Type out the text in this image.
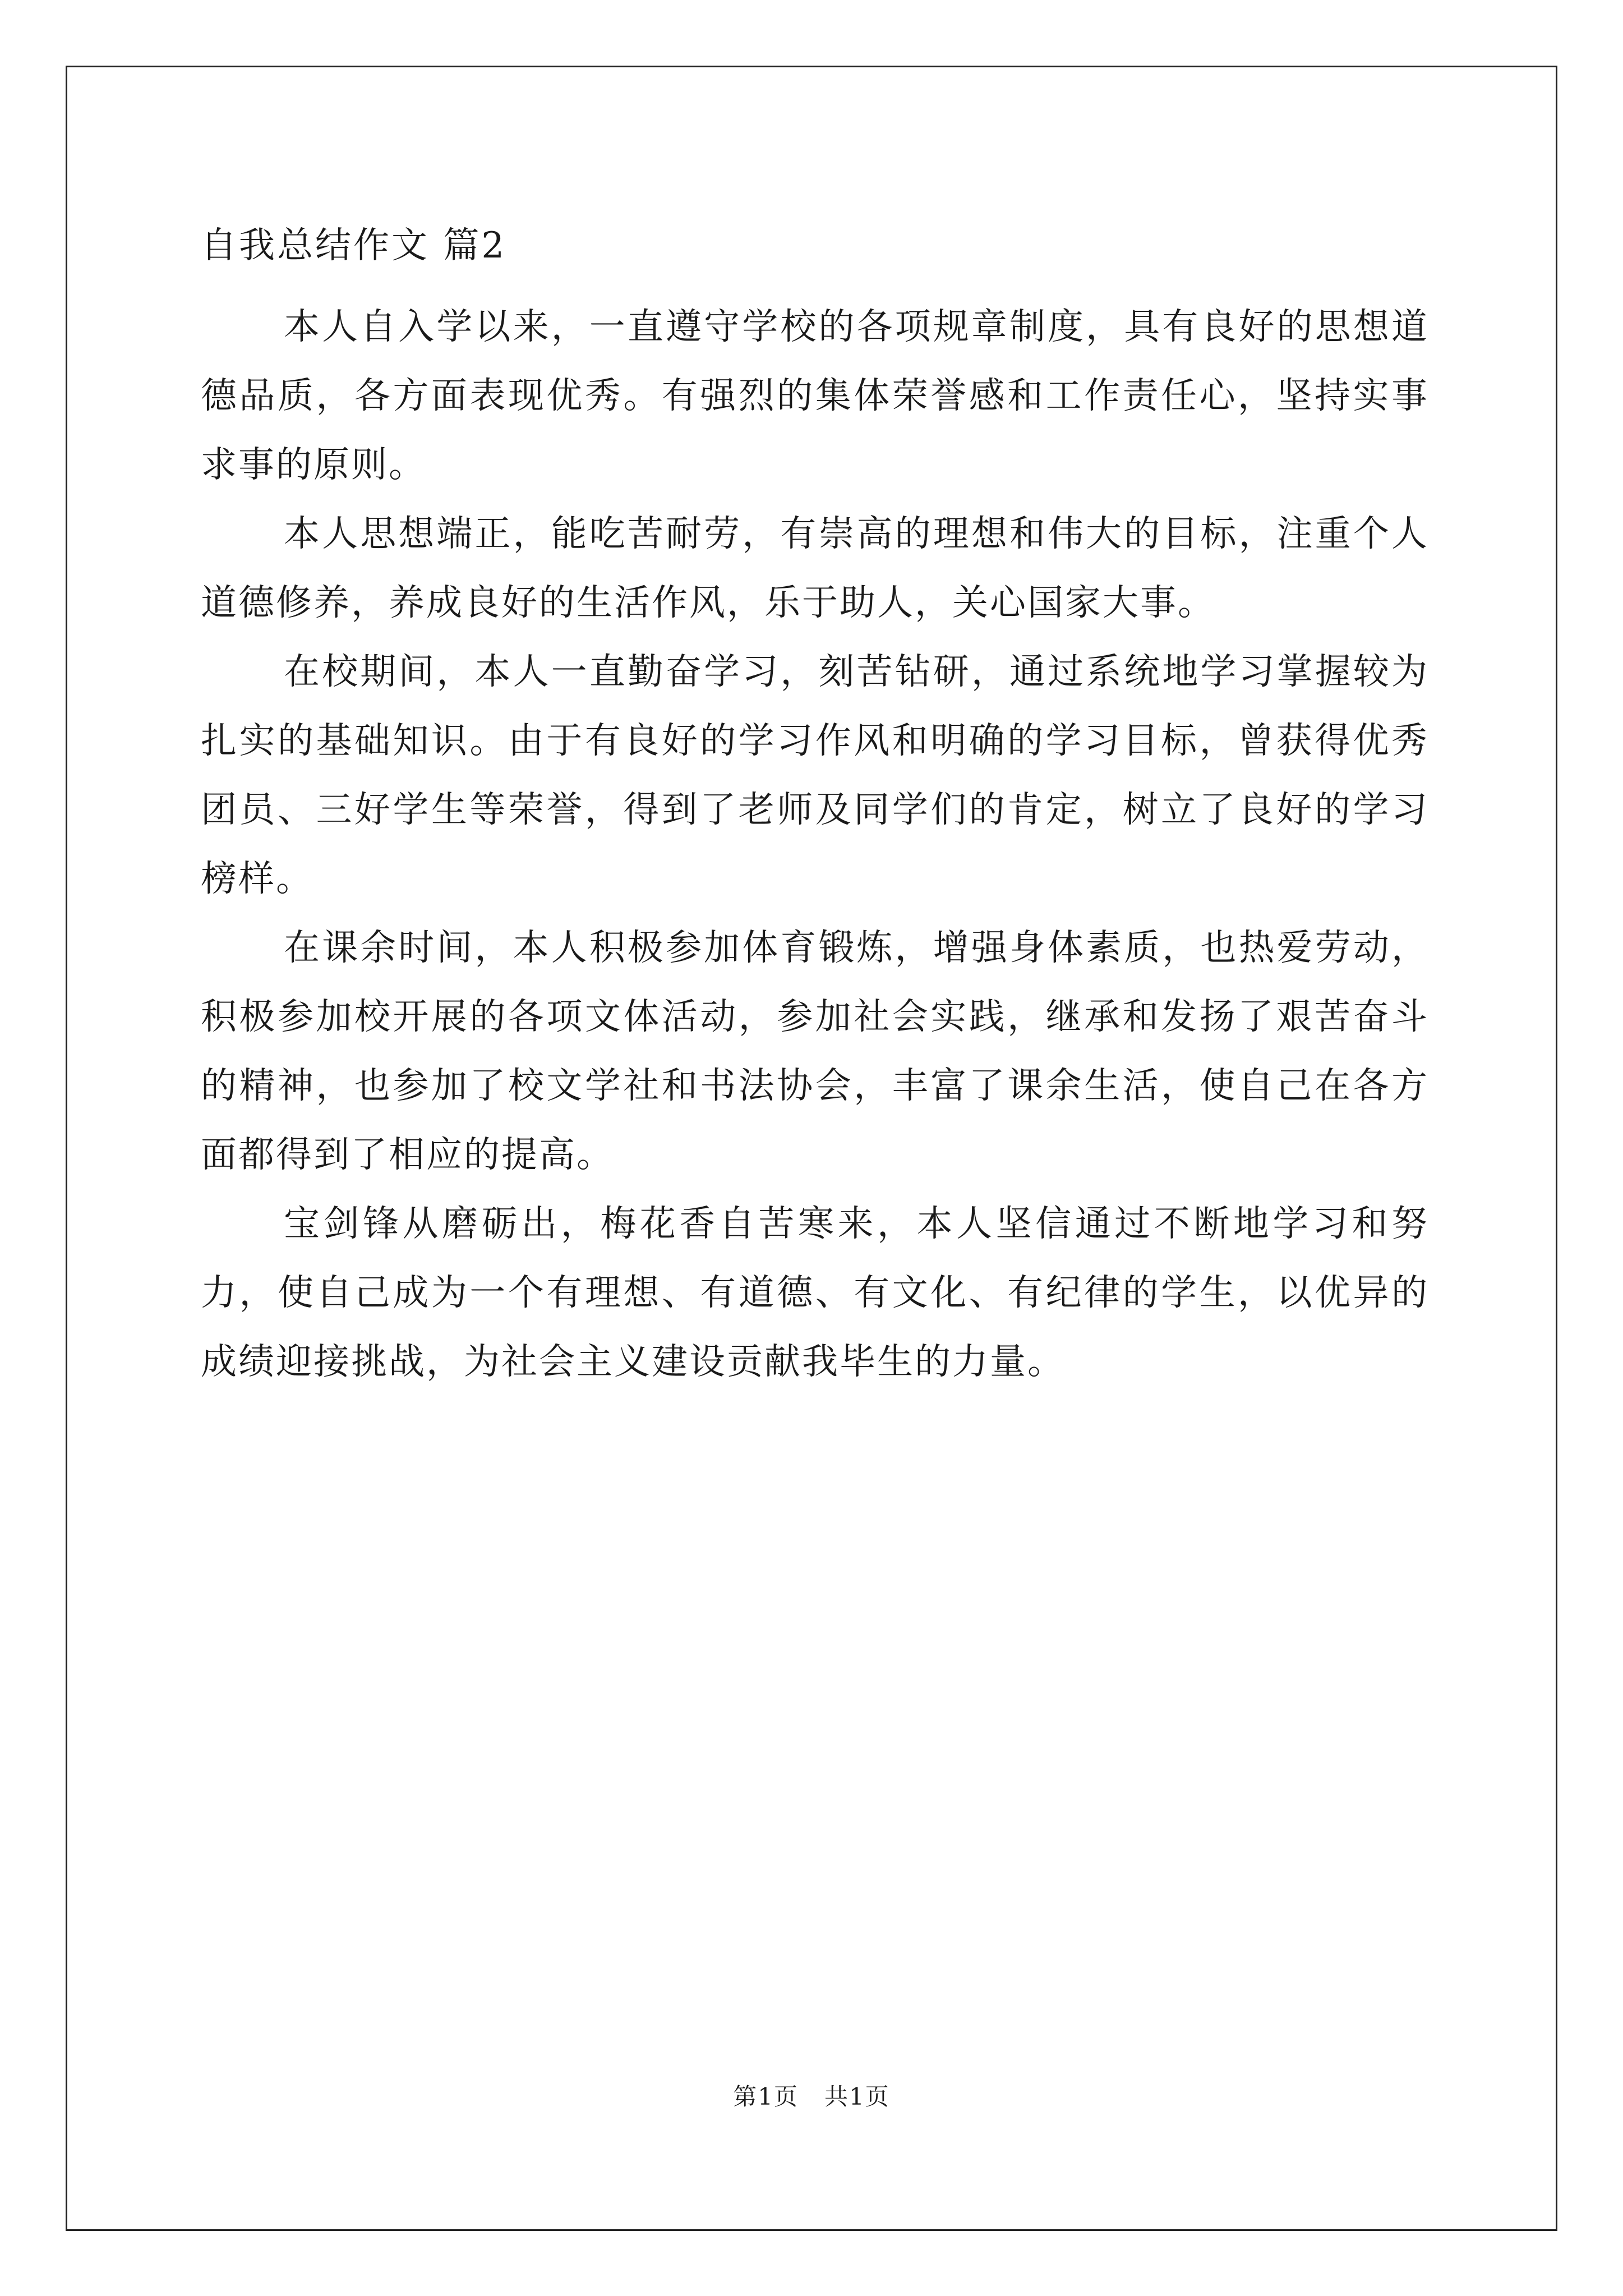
自我总结作文 篇2

本人自入学以来，一直遵守学校的各项规章制度，具有良好的思想道 德品质，各方面表现优秀。有强烈的集体荣誉感和工作责任心，坚持实事求事的原则。

本人思想端正，能吃苦耐劳，有崇高的理想和伟大的目标，注重个人道德修养，养成良好的生活作风，乐于助人，关心国家大事。

在校期间，本人一直勤奋学习，刻苦钻研，通过系统地学习掌握较为扎实的基础知识。由于有良好的学习作风和明确的学习目标，曾获得优秀团员、三好学生等荣誉，得到了老师及同学们的肯定，树立了良好的学习榜样。

在课余时间，本人积极参加体育锻炼，增强身体素质，也热爱劳动，积极参加校开展的各项文体活动，参加社会实践，继承和发扬了艰苦奋斗的精神，也参加了校文学社和书法协会，丰富了课余生活，使自己在各方面都得到了相应的提高。

宝剑锋从磨砺出，梅花香自苦寒来，本人坚信通过不断地学习和努力，使自己成为一个有理想、有道德、有文化、有纪律的学生，以优异的成绩迎接挑战，为社会主义建设贡献我毕生的力量。

第1页   共1页
